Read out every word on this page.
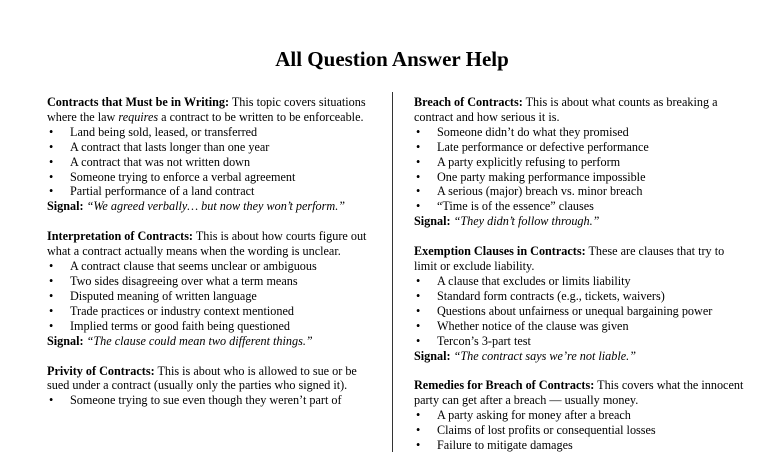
All Question Answer Help
Contracts that Must be in Writing: This topic covers situations where the law requires a contract to be written to be enforceable.
• Land being sold, leased, or transferred
• A contract that lasts longer than one year
• A contract that was not written down
• Someone trying to enforce a verbal agreement
• Partial performance of a land contract
Signal: “We agreed verbally… but now they won’t perform.”
Interpretation of Contracts: This is about how courts figure out what a contract actually means when the wording is unclear.
• A contract clause that seems unclear or ambiguous
• Two sides disagreeing over what a term means
• Disputed meaning of written language
• Trade practices or industry context mentioned
• Implied terms or good faith being questioned
Signal: “The clause could mean two different things.”
Privity of Contracts: This is about who is allowed to sue or be sued under a contract (usually only the parties who signed it).
• Someone trying to sue even though they weren’t part of
Breach of Contracts: This is about what counts as breaking a contract and how serious it is.
• Someone didn’t do what they promised
• Late performance or defective performance
• A party explicitly refusing to perform
• One party making performance impossible
• A serious (major) breach vs. minor breach
• “Time is of the essence” clauses
Signal: “They didn’t follow through.”
Exemption Clauses in Contracts: These are clauses that try to limit or exclude liability.
• A clause that excludes or limits liability
• Standard form contracts (e.g., tickets, waivers)
• Questions about unfairness or unequal bargaining power
• Whether notice of the clause was given
• Tercon’s 3-part test
Signal: “The contract says we’re not liable.”
Remedies for Breach of Contracts: This covers what the innocent party can get after a breach — usually money.
• A party asking for money after a breach
• Claims of lost profits or consequential losses
• Failure to mitigate damages
